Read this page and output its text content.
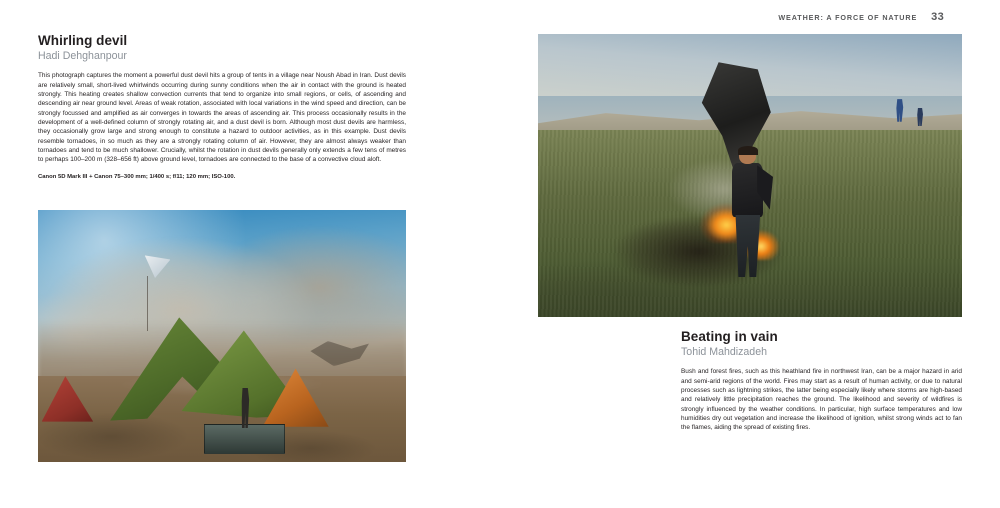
WEATHER: A FORCE OF NATURE 33
Whirling devil
Hadi Dehghanpour

This photograph captures the moment a powerful dust devil hits a group of tents in a village near Noush Abad in Iran. Dust devils are relatively small, short-lived whirlwinds occurring during sunny conditions when the air in contact with the ground is heated strongly. This heating creates shallow convection currents that tend to organize into small regions, or cells, of ascending and descending air near ground level. Areas of weak rotation, associated with local variations in the wind speed and direction, can be strongly focussed and amplified as air converges in towards the areas of ascending air. This process occasionally results in the development of a well-defined column of strongly rotating air, and a dust devil is born. Although most dust devils are harmless, they occasionally grow large and strong enough to constitute a hazard to outdoor activities, as in this example. Dust devils resemble tornadoes, in so much as they are a strongly rotating column of air. However, they are almost always weaker than tornadoes and tend to be much shallower. Crucially, whilst the rotation in dust devils generally only extends a few tens of metres to perhaps 100–200 m (328–656 ft) above ground level, tornadoes are connected to the base of a convective cloud aloft.

Canon 5D Mark III + Canon 75–300 mm; 1/400 s; f/11; 120 mm; ISO-100.

Beating in vain
Tohid Mahdizadeh

Bush and forest fires, such as this heathland fire in northwest Iran, can be a major hazard in arid and semi-arid regions of the world. Fires may start as a result of human activity, or due to natural processes such as lightning strikes, the latter being especially likely where storms are high-based and relatively little precipitation reaches the ground. The likelihood and severity of wildfires is strongly influenced by the weather conditions. In particular, high surface temperatures and low humidities dry out vegetation and increase the likelihood of ignition, whilst strong winds act to fan the flames, aiding the spread of existing fires.
